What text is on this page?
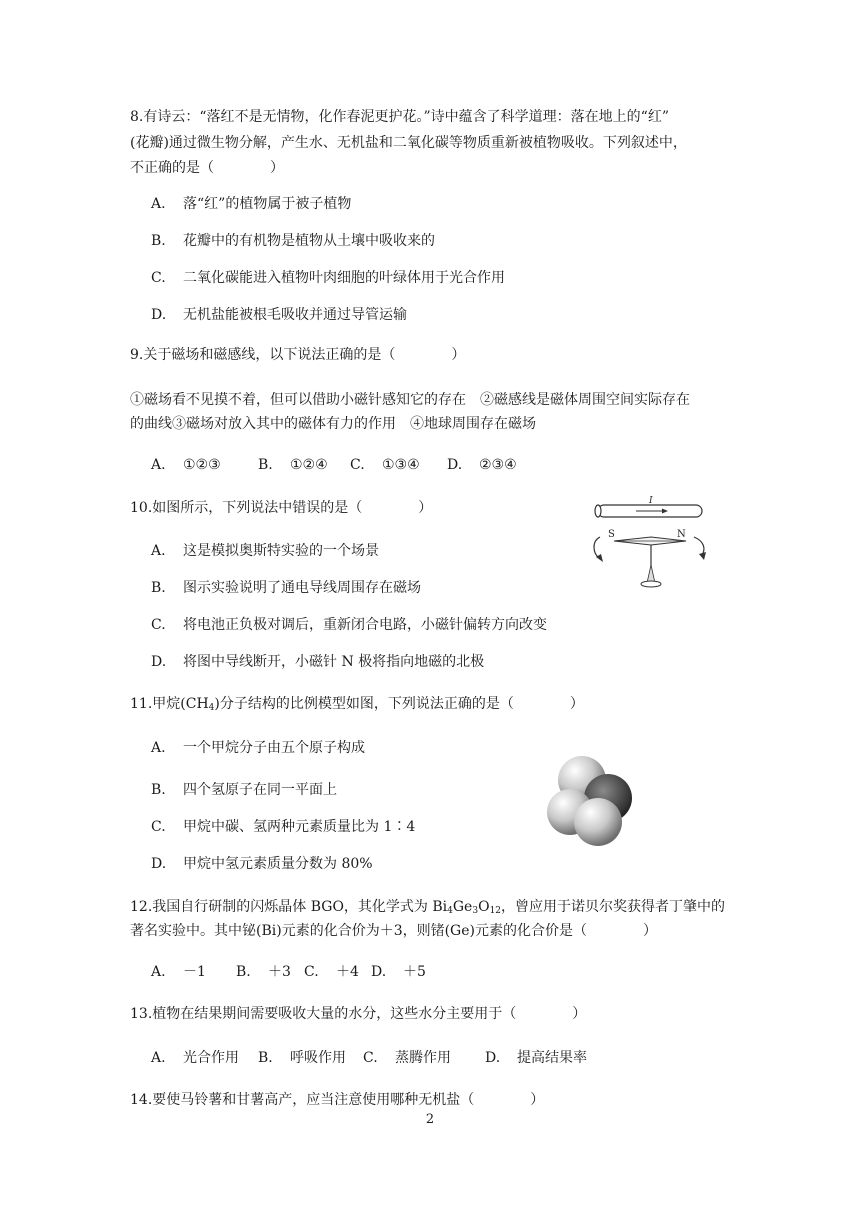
8.有诗云：“落红不是无情物，化作春泥更护花。”诗中蕴含了科学道理：落在地上的“红”
(花瓣)通过微生物分解，产生水、无机盐和二氧化碳等物质重新被植物吸收。下列叙述中，
不正确的是（　　　　）
A. 落“红”的植物属于被子植物
B. 花瓣中的有机物是植物从土壤中吸收来的
C. 二氧化碳能进入植物叶肉细胞的叶绿体用于光合作用
D. 无机盐能被根毛吸收并通过导管运输
9.关于磁场和磁感线，以下说法正确的是（　　　　）
①磁场看不见摸不着，但可以借助小磁针感知它的存在　②磁感线是磁体周围空间实际存在
的曲线③磁场对放入其中的磁体有力的作用　④地球周围存在磁场
A. ①②③	B. ①②④ C. ①③④ D. ②③④
10.如图所示，下列说法中错误的是（　　　　）
A. 这是模拟奥斯特实验的一个场景
B. 图示实验说明了通电导线周围存在磁场
C. 将电池正负极对调后，重新闭合电路，小磁针偏转方向改变
D. 将图中导线断开，小磁针 N 极将指向地磁的北极
I
S	N
11.甲烷$(CH_4)$分子结构的比例模型如图，下列说法正确的是（　　　　）
A. 一个甲烷分子由五个原子构成
B. 四个氢原子在同一平面上
C. 甲烷中碳、氢两种元素质量比为 1∶4
D. 甲烷中氢元素质量分数为 80%
12.我国自行研制的闪烁晶体 BGO，其化学式为 $Bi_4Ge_3O_{12}$，曾应用于诺贝尔奖获得者丁肇中的
著名实验中。其中铋(Bi)元素的化合价为＋3，则锗(Ge)元素的化合价是（　　　　）
A. －1 B. ＋3 C. ＋4 D. ＋5
13.植物在结果期间需要吸收大量的水分，这些水分主要用于（　　　　）
A. 光合作用 B. 呼吸作用 C. 蒸腾作用 D. 提高结果率
14.要使马铃薯和甘薯高产，应当注意使用哪种无机盐（　　　　）
2
